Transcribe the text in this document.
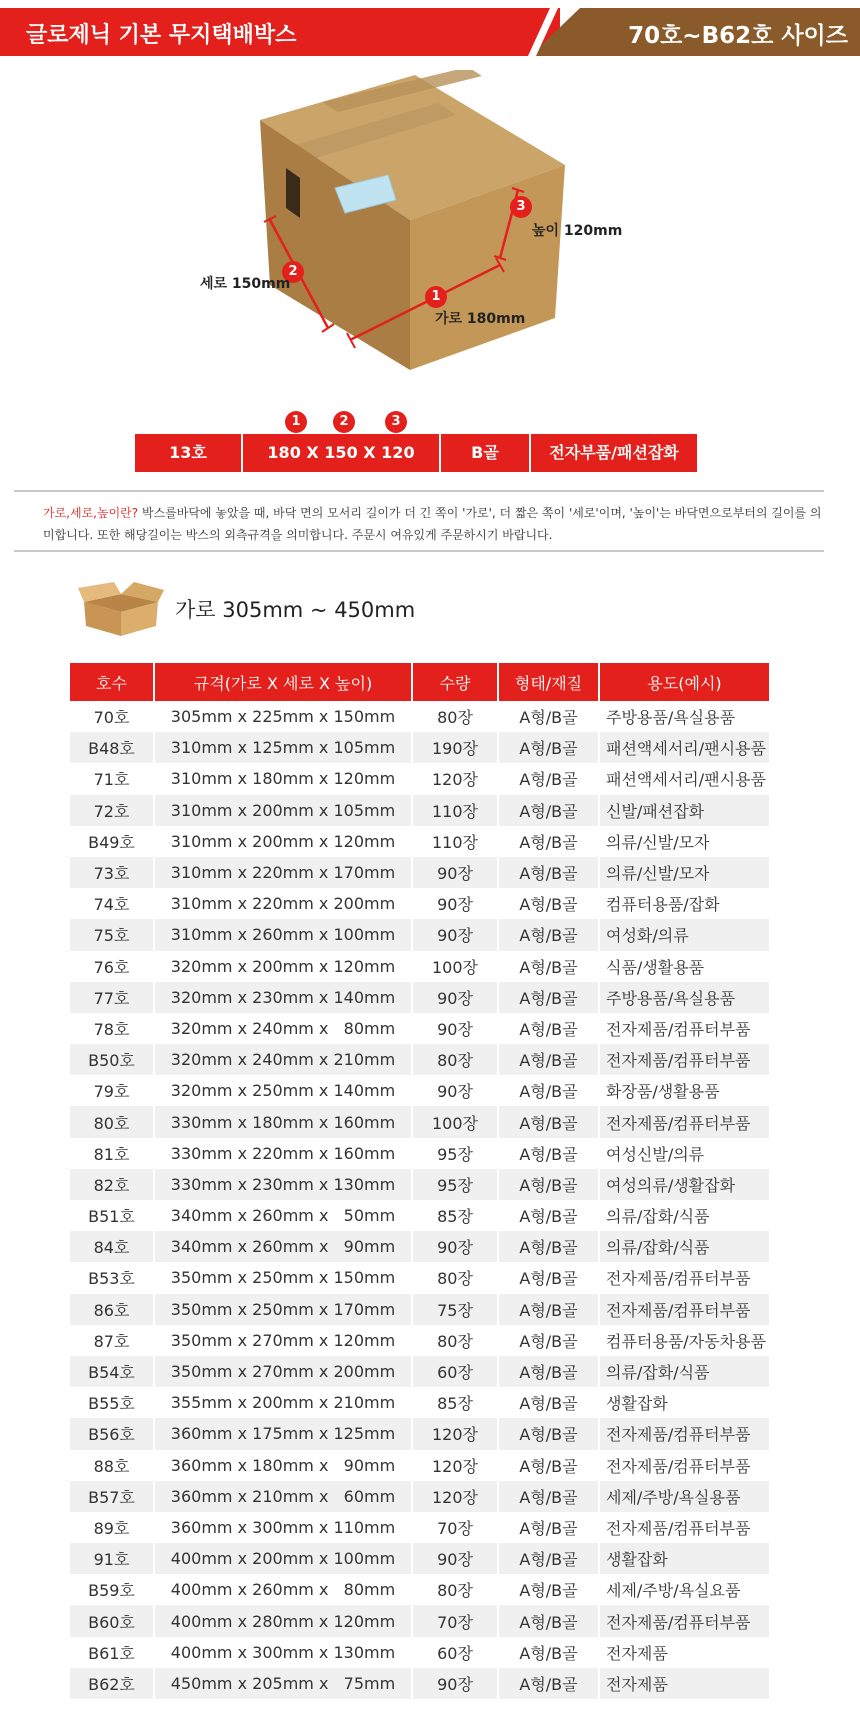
글로제닉 기본 무지택배박스	70호~B62호 사이즈
1
2
3
가로 180mm
세로 150mm
높이 120mm
1	2	3
13호	180 X 150 X 120	B골	전자부품/패션잡화
가로,세로,높이란? 박스를바닥에 놓았을 때, 바닥 면의 모서리 길이가 더 긴 쪽이 '가로', 더 짧은 쪽이 '세로'이며, '높이'는 바닥면으로부터의 길이를 의미합니다. 또한 해당길이는 박스의 외측규격을 의미합니다. 주문시 여유있게 주문하시기 바랍니다.
가로 305mm ~ 450mm
호수	규격(가로 X 세로 X 높이)	수량	형태/재질	용도(예시)
70호	305mm x 225mm x 150mm	80장	A형/B골	주방용품/욕실용품
B48호	310mm x 125mm x 105mm	190장	A형/B골	패션액세서리/팬시용품
71호	310mm x 180mm x 120mm	120장	A형/B골	패션액세서리/팬시용품
72호	310mm x 200mm x 105mm	110장	A형/B골	신발/패션잡화
B49호	310mm x 200mm x 120mm	110장	A형/B골	의류/신발/모자
73호	310mm x 220mm x 170mm	90장	A형/B골	의류/신발/모자
74호	310mm x 220mm x 200mm	90장	A형/B골	컴퓨터용품/잡화
75호	310mm x 260mm x 100mm	90장	A형/B골	여성화/의류
76호	320mm x 200mm x 120mm	100장	A형/B골	식품/생활용품
77호	320mm x 230mm x 140mm	90장	A형/B골	주방용품/욕실용품
78호	320mm x 240mm x   80mm	90장	A형/B골	전자제품/컴퓨터부품
B50호	320mm x 240mm x 210mm	80장	A형/B골	전자제품/컴퓨터부품
79호	320mm x 250mm x 140mm	90장	A형/B골	화장품/생활용품
80호	330mm x 180mm x 160mm	100장	A형/B골	전자제품/컴퓨터부품
81호	330mm x 220mm x 160mm	95장	A형/B골	여성신발/의류
82호	330mm x 230mm x 130mm	95장	A형/B골	여성의류/생활잡화
B51호	340mm x 260mm x   50mm	85장	A형/B골	의류/잡화/식품
84호	340mm x 260mm x   90mm	90장	A형/B골	의류/잡화/식품
B53호	350mm x 250mm x 150mm	80장	A형/B골	전자제품/컴퓨터부품
86호	350mm x 250mm x 170mm	75장	A형/B골	전자제품/컴퓨터부품
87호	350mm x 270mm x 120mm	80장	A형/B골	컴퓨터용품/자동차용품
B54호	350mm x 270mm x 200mm	60장	A형/B골	의류/잡화/식품
B55호	355mm x 200mm x 210mm	85장	A형/B골	생활잡화
B56호	360mm x 175mm x 125mm	120장	A형/B골	전자제품/컴퓨터부품
88호	360mm x 180mm x   90mm	120장	A형/B골	전자제품/컴퓨터부품
B57호	360mm x 210mm x   60mm	120장	A형/B골	세제/주방/욕실용품
89호	360mm x 300mm x 110mm	70장	A형/B골	전자제품/컴퓨터부품
91호	400mm x 200mm x 100mm	90장	A형/B골	생활잡화
B59호	400mm x 260mm x   80mm	80장	A형/B골	세제/주방/욕실요품
B60호	400mm x 280mm x 120mm	70장	A형/B골	전자제품/컴퓨터부품
B61호	400mm x 300mm x 130mm	60장	A형/B골	전자제품
B62호	450mm x 205mm x   75mm	90장	A형/B골	전자제품
